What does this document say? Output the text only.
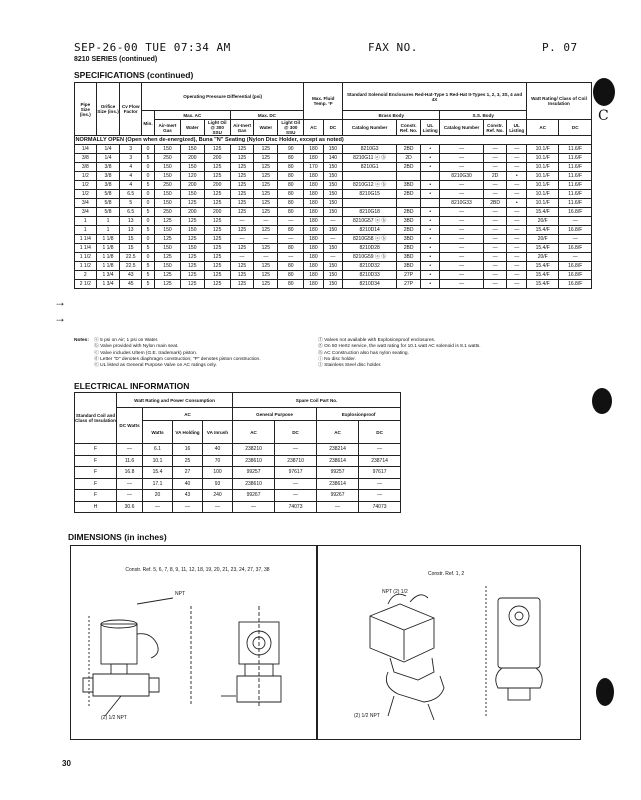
SEP-26-00 TUE 07:34 AM	FAX NO.	P. 07
8210 SERIES (continued)
SPECIFICATIONS (continued)
Pipe Size (ins.)	Orifice Size (ins.)	Cv Flow Factor	Operating Pressure Differential (psi)							Max. Fluid Temp. °F		Standard Solenoid Enclosures Red-Hat-Type 1 Red-Hat II-Types 1, 2, 3, 3S, 4 and 4X						Watt Rating/ Class of Coil Insulation	
			Min.	Max. AC			Max. DC					Brass Body			S.S. Body				
				Air-Inert Gas	Water	Light Oil @ 300 SSU	Air-Inert Gas	Water	Light Oil @ 300 SSU	AC	DC	Catalog Number	Constr. Ref. No.	UL Listing	Catalog Number	Constr. Ref. No.	UL Listing	AC	DC
NORMALLY OPEN (Open when de-energized), Buna "N" Seating (Nylon Disc Holder, except as noted)																			
1/4	1/4	3	0	150	150	125	125	125	90	180	150	8210G3	2BD	•	—	—	—	10.1/F	11.6/F
3/8	1/4	3	5	250	200	200	125	125	80	180	140	8210G11 ⓐ ⓑ	2D	•	—	—	—	10.1/F	11.6/F
3/8	3/8	4	0	150	150	125	125	125	80	170	150	8210G1	2BD	•	—	—	—	10.1/F	11.6/F
1/2	3/8	4	0	150	120	125	125	125	80	180	150				8210G30	2D	•	10.1/F	11.6/F
1/2	3/8	4	5	250	200	200	125	125	80	180	150	8210G12 ⓐ ⓑ	3BD	•	—	—	—	10.1/F	11.6/F
1/2	5/8	6.5	0	150	150	125	125	125	80	180	150	8210G15	2BD	•	—	—	—	10.1/F	11.6/F
3/4	5/8	5	0	150	125	125	125	125	80	180	150				8210G33	2BD	•	10.1/F	11.6/F
3/4	5/8	6.5	5	250	200	200	125	125	80	180	150	8210G18	2BD	•	—	—	—	15.4/F	16.8/F
1	1	13	0	125	125	125	—	—	—	180	—	8210G57 ⓐ ⓑ	3BD	•	—	—	—	20/F	—
1	1	13	5	150	150	125	125	125	80	180	150	8210D14	2BD	•	—	—	—	15.4/F	16.8/F
1 1/4	1 1/8	15	0	125	125	125	—	—	—	180	—	8210G58 ⓐ ⓑ	3BD	•	—	—	—	20/F	—
1 1/4	1 1/8	15	5	150	150	125	125	125	80	180	150	8210D28	2BD	•	—	—	—	15.4/F	16.8/F
1 1/2	1 1/8	22.5	0	125	125	125	—	—	—	180	—	8210G59 ⓐ ⓑ	3BD	•	—	—	—	20/F	—
1 1/2	1 1/8	22.5	5	150	125	125	125	125	80	180	150	8210D32	3BD	•	—	—	—	15.4/F	16.8/F
2	1 3/4	43	5	125	125	125	125	125	80	180	150	8210D33	27P	•	—	—	—	15.4/F	16.8/F
2 1/2	1 3/4	45	5	125	125	125	125	125	80	180	150	8210D34	27P	•	—	—	—	15.4/F	16.8/F
→
→
Notes: ⓐ 5 psi on Air; 1 psi on Water.
ⓑ Valve provided with Nylon main seat.
ⓒ Valve includes Ultem (G.E. trademark) piston.
ⓓ Letter "D" denotes diaphragm construction; "P" denotes piston construction.
ⓔ UL listed as General Purpose Valve on AC ratings only.
ⓕ Valves not available with Explosionproof enclosures.
ⓖ On 50 Hertz service, the watt rating for 10.1 watt AC solenoid is 8.1 watts.
ⓗ AC Construction also has nylon seating.
ⓘ No disc holder.
ⓙ Stainless Steel disc holder.
ELECTRICAL INFORMATION
Standard Coil and Class of Insulation	Watt Rating and Power Consumption				Spare Coil Part No.			
	DC Watts	AC			General Purpose		Explosionproof	
		Watts	VA Holding	VA Inrush	AC	DC	AC	DC
F	—	6.1	16	40	238210	—	238214	—
F	11.6	10.1	25	70	238610	238710	238614	238714
F	16.8	15.4	27	100	99257	97617	99257	97617
F	—	17.1	40	93	238610	—	238614	—
F	—	20	43	240	99267	—	99267	—
H	30.6	—	—	—	—	74073	—	74073
DIMENSIONS (in inches)
Constr. Ref. 5, 6, 7, 8, 9, 11, 12, 18, 19, 20, 21, 23, 24, 27, 37, 38
NPT
(2) 1/2 NPT
Constr. Ref. 1, 2
NPT (2) 1/2
(2) 1/2 NPT
30
C
